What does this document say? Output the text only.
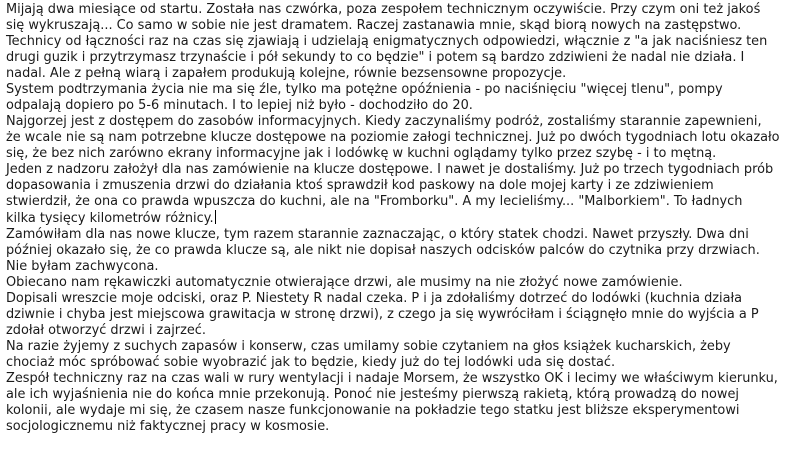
Mijają dwa miesiące od startu. Została nas czwórka, poza zespołem technicznym oczywiście. Przy czym oni też jakoś
się wykruszają... Co samo w sobie nie jest dramatem. Raczej zastanawia mnie, skąd biorą nowych na zastępstwo.

Technicy od łączności raz na czas się zjawiają i udzielają enigmatycznych odpowiedzi, włącznie z "a jak naciśniesz ten
drugi guzik i przytrzymasz trzynaście i pół sekundy to co będzie" i potem są bardzo zdziwieni że nadal nie działa. I
nadal. Ale z pełną wiarą i zapałem produkują kolejne, równie bezsensowne propozycje.

System podtrzymania życia nie ma się źle, tylko ma potężne opóźnienia - po naciśnięciu "więcej tlenu", pompy
odpalają dopiero po 5-6 minutach. I to lepiej niż było - dochodziło do 20.

Najgorzej jest z dostępem do zasobów informacyjnych. Kiedy zaczynaliśmy podróż, zostaliśmy starannie zapewnieni,
że wcale nie są nam potrzebne klucze dostępowe na poziomie załogi technicznej. Już po dwóch tygodniach lotu okazało
się, że bez nich zarówno ekrany informacyjne jak i lodówkę w kuchni oglądamy tylko przez szybę - i to mętną.

Jeden z nadzoru założył dla nas zamówienie na klucze dostępowe. I nawet je dostaliśmy. Już po trzech tygodniach prób
dopasowania i zmuszenia drzwi do działania ktoś sprawdził kod paskowy na dole mojej karty i ze zdziwieniem
stwierdził, że ona co prawda wpuszcza do kuchni, ale na "Fromborku". A my lecieliśmy... "Malborkiem". To ładnych
kilka tysięcy kilometrów różnicy.

Zamówiłam dla nas nowe klucze, tym razem starannie zaznaczając, o który statek chodzi. Nawet przyszły. Dwa dni
później okazało się, że co prawda klucze są, ale nikt nie dopisał naszych odcisków palców do czytnika przy drzwiach.
Nie byłam zachwycona.

Obiecano nam rękawiczki automatycznie otwierające drzwi, ale musimy na nie złożyć nowe zamówienie.

Dopisali wreszcie moje odciski, oraz P. Niestety R nadal czeka. P i ja zdołaliśmy dotrzeć do lodówki (kuchnia działa
dziwnie i chyba jest miejscowa grawitacja w stronę drzwi), z czego ja się wywróciłam i ściągnęło mnie do wyjścia a P
zdołał otworzyć drzwi i zajrzeć.

Na razie żyjemy z suchych zapasów i konserw, czas umilamy sobie czytaniem na głos książek kucharskich, żeby
chociaż móc spróbować sobie wyobrazić jak to będzie, kiedy już do tej lodówki uda się dostać.

Zespół techniczny raz na czas wali w rury wentylacji i nadaje Morsem, że wszystko OK i lecimy we właściwym kierunku,
ale ich wyjaśnienia nie do końca mnie przekonują. Ponoć nie jesteśmy pierwszą rakietą, którą prowadzą do nowej
kolonii, ale wydaje mi się, że czasem nasze funkcjonowanie na pokładzie tego statku jest bliższe eksperymentowi
socjologicznemu niż faktycznej pracy w kosmosie.
